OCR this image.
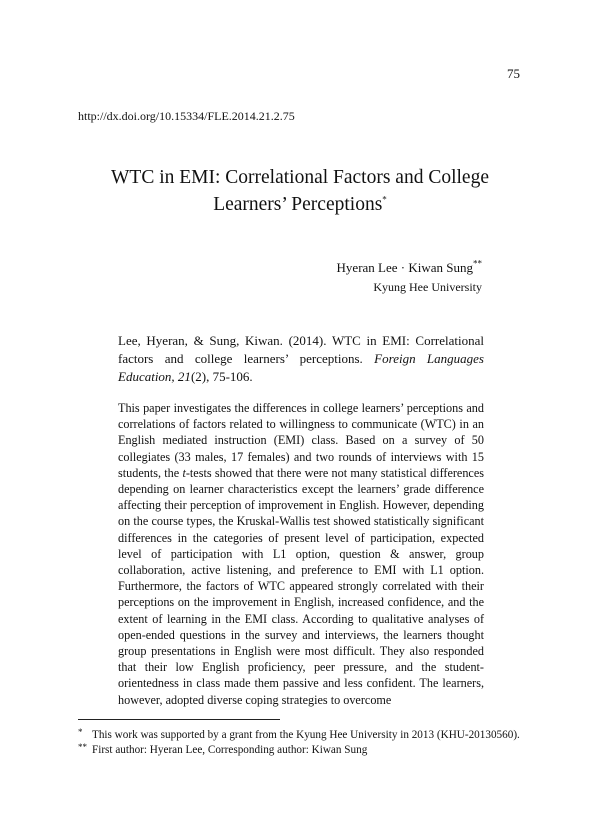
75
http://dx.doi.org/10.15334/FLE.2014.21.2.75
WTC in EMI: Correlational Factors and College
Learners’ Perceptions*
Hyeran Lee · Kiwan Sung**
Kyung Hee University
Lee, Hyeran, & Sung, Kiwan. (2014). WTC in EMI: Correlational factors and college learners’ perceptions. Foreign Languages Education, 21(2), 75-106.

This paper investigates the differences in college learners’ perceptions and correlations of factors related to willingness to communicate (WTC) in an English mediated instruction (EMI) class. Based on a survey of 50 collegiates (33 males, 17 females) and two rounds of interviews with 15 students, the t-tests showed that there were not many statistical differences depending on learner characteristics except the learners’ grade difference affecting their perception of improvement in English. However, depending on the course types, the Kruskal-Wallis test showed statistically significant differences in the categories of present level of participation, expected level of participation with L1 option, question & answer, group collaboration, active listening, and preference to EMI with L1 option. Furthermore, the factors of WTC appeared strongly correlated with their perceptions on the improvement in English, increased confidence, and the extent of learning in the EMI class. According to qualitative analyses of open-ended questions in the survey and interviews, the learners thought group presentations in English were most difficult. They also responded that their low English proficiency, peer pressure, and the student-orientedness in class made them passive and less confident. The learners, however, adopted diverse coping strategies to overcome

* This work was supported by a grant from the Kyung Hee University in 2013 (KHU-20130560).
** First author: Hyeran Lee, Corresponding author: Kiwan Sung
